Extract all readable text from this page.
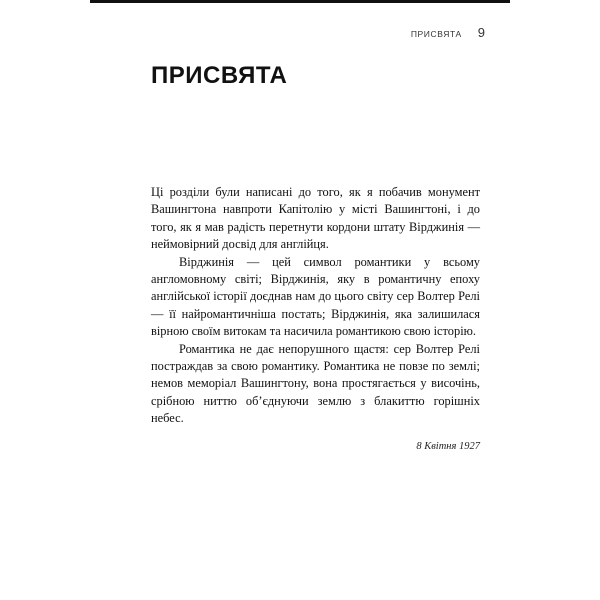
ПРИСВЯТА 9
ПРИСВЯТА

Ці розділи були написані до того, як я побачив монумент Вашингтона навпроти Капітолію у місті Вашингтоні, і до того, як я мав радість перетнути кордони штату Вірджинія — неймовірний досвід для англійця.

Вірджинія — цей символ романтики у всьому англомовному світі; Вірджинія, яку в романтичну епоху англійської історії доєднав нам до цього світу сер Волтер Релі — її найромантичніша постать; Вірджинія, яка залишилася вірною своїм витокам та насичила романтикою свою історію.

Романтика не дає непорушного щастя: сер Волтер Релі постраждав за свою романтику. Романтика не повзе по землі; немов меморіал Вашингтону, вона простягається у височінь, срібною ниттю об’єднуючи землю з блакиттю горішніх небес.

8 Квітня 1927
